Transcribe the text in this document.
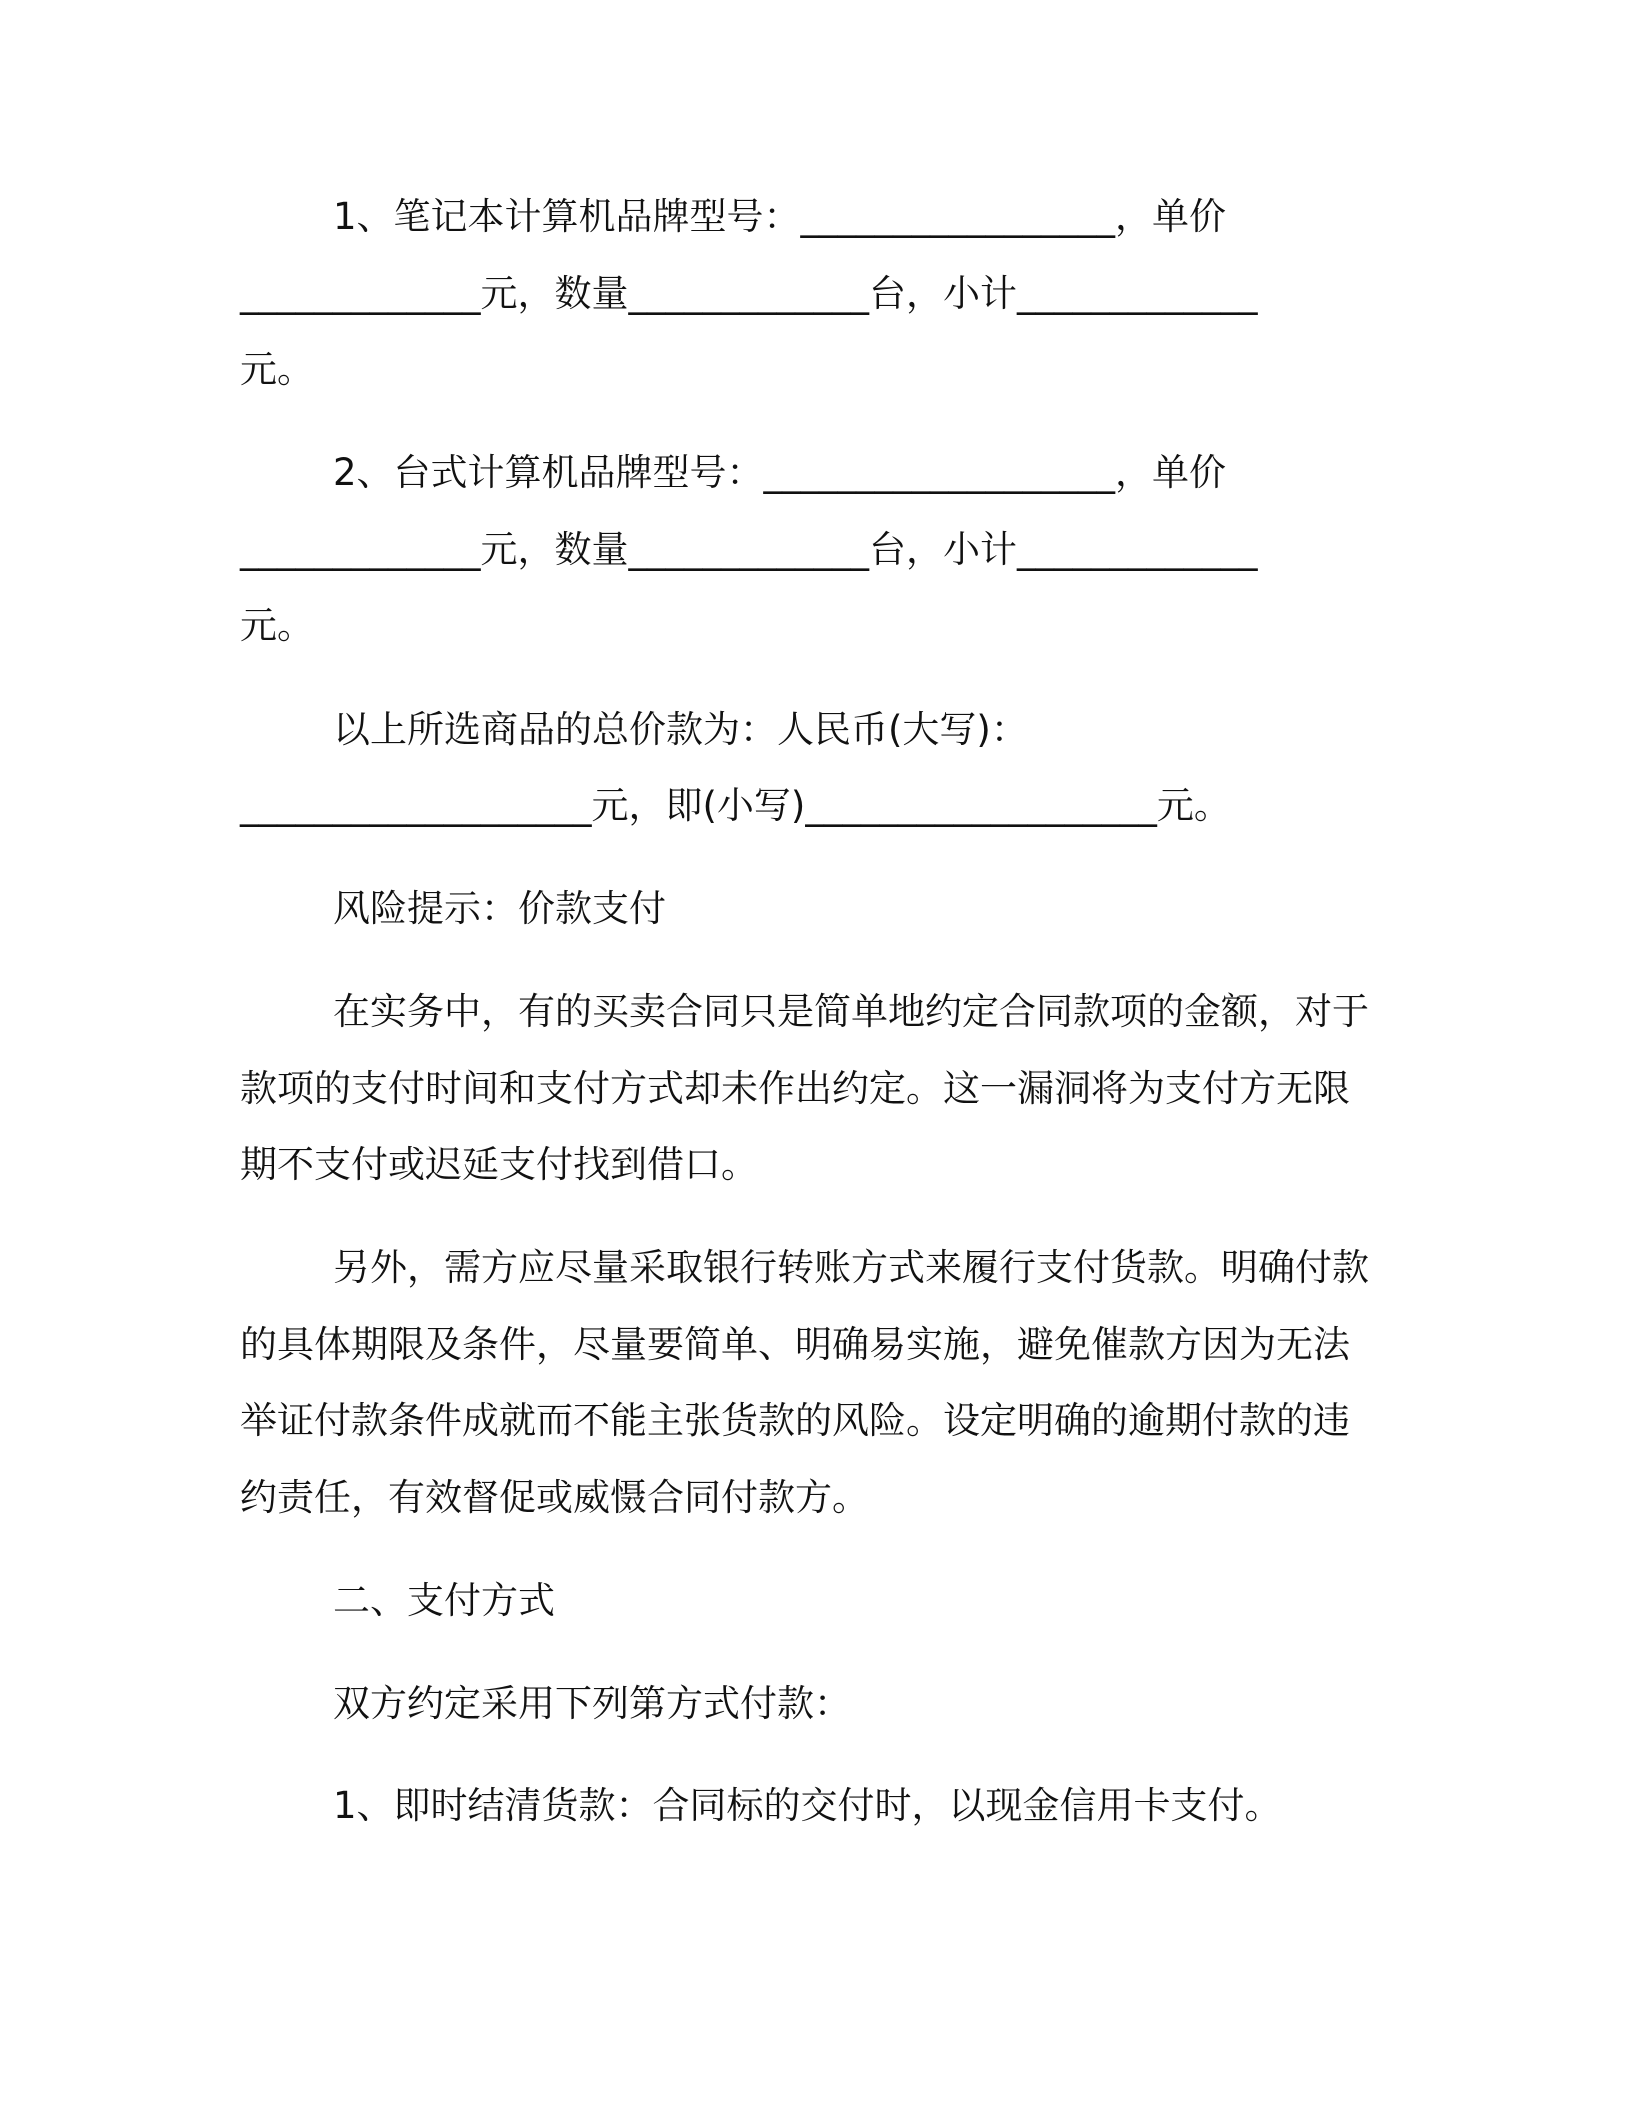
1、笔记本计算机品牌型号：_________________，单价
_____________元，数量_____________台，小计_____________
元。
2、台式计算机品牌型号：___________________，单价
_____________元，数量_____________台，小计_____________
元。
以上所选商品的总价款为：人民币(大写)：
___________________元，即(小写)___________________元。
风险提示：价款支付
在实务中，有的买卖合同只是简单地约定合同款项的金额，对于
款项的支付时间和支付方式却未作出约定。这一漏洞将为支付方无限
期不支付或迟延支付找到借口。
另外，需方应尽量采取银行转账方式来履行支付货款。明确付款
的具体期限及条件，尽量要简单、明确易实施，避免催款方因为无法
举证付款条件成就而不能主张货款的风险。设定明确的逾期付款的违
约责任，有效督促或威慑合同付款方。
二、支付方式
双方约定采用下列第方式付款：
1、即时结清货款：合同标的交付时，以现金信用卡支付。
